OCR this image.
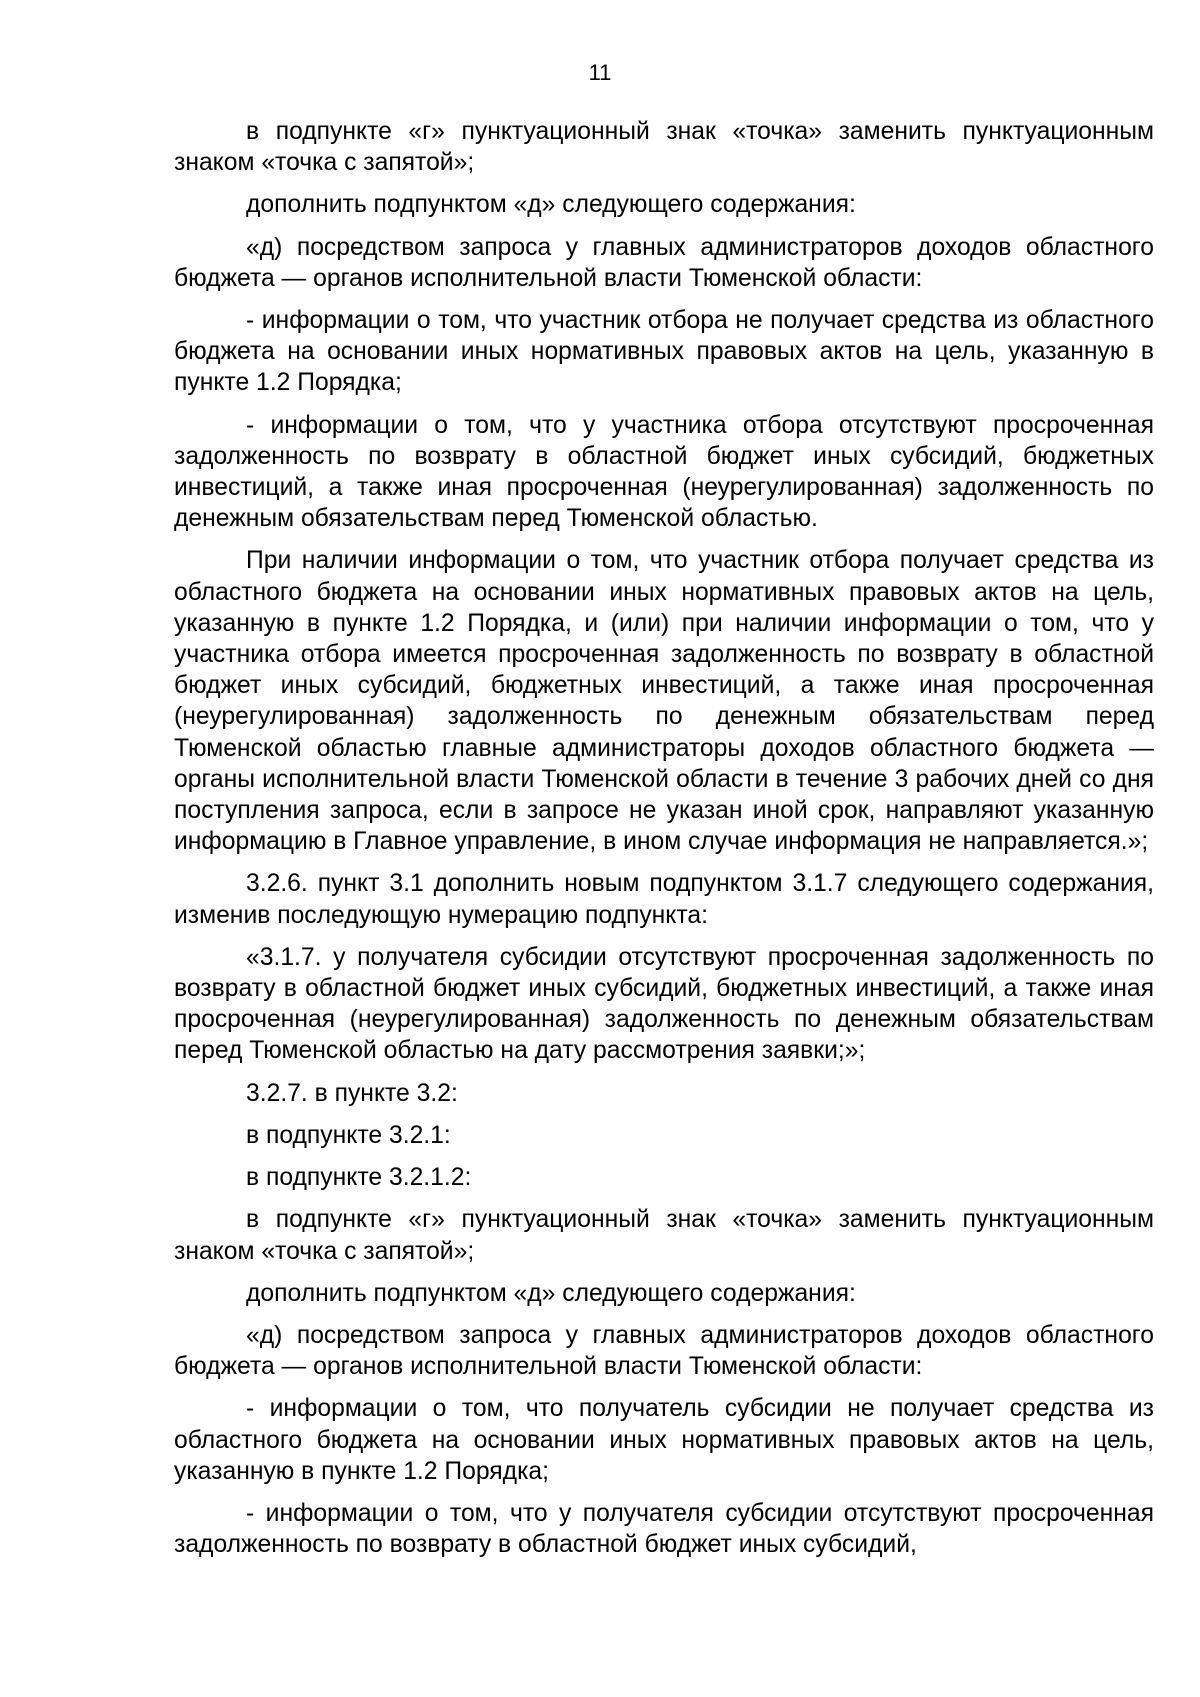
11

в подпункте «г» пунктуационный знак «точка» заменить пунктуационным знаком «точка с запятой»;

дополнить подпунктом «д» следующего содержания:

«д) посредством запроса у главных администраторов доходов областного бюджета — органов исполнительной власти Тюменской области:

- информации о том, что участник отбора не получает средства из областного бюджета на основании иных нормативных правовых актов на цель, указанную в пункте 1.2 Порядка;

- информации о том, что у участника отбора отсутствуют просроченная задолженность по возврату в областной бюджет иных субсидий, бюджетных инвестиций, а также иная просроченная (неурегулированная) задолженность по денежным обязательствам перед Тюменской областью.

При наличии информации о том, что участник отбора получает средства из областного бюджета на основании иных нормативных правовых актов на цель, указанную в пункте 1.2 Порядка, и (или) при наличии информации о том, что у участника отбора имеется просроченная задолженность по возврату в областной бюджет иных субсидий, бюджетных инвестиций, а также иная просроченная (неурегулированная) задолженность по денежным обязательствам перед Тюменской областью главные администраторы доходов областного бюджета — органы исполнительной власти Тюменской области в течение 3 рабочих дней со дня поступления запроса, если в запросе не указан иной срок, направляют указанную информацию в Главное управление, в ином случае информация не направляется.»;

3.2.6. пункт 3.1 дополнить новым подпунктом 3.1.7 следующего содержания, изменив последующую нумерацию подпункта:

«3.1.7. у получателя субсидии отсутствуют просроченная задолженность по возврату в областной бюджет иных субсидий, бюджетных инвестиций, а также иная просроченная (неурегулированная) задолженность по денежным обязательствам перед Тюменской областью на дату рассмотрения заявки;»;

3.2.7. в пункте 3.2:

в подпункте 3.2.1:

в подпункте 3.2.1.2:

в подпункте «г» пунктуационный знак «точка» заменить пунктуационным знаком «точка с запятой»;

дополнить подпунктом «д» следующего содержания:

«д) посредством запроса у главных администраторов доходов областного бюджета — органов исполнительной власти Тюменской области:

- информации о том, что получатель субсидии не получает средства из областного бюджета на основании иных нормативных правовых актов на цель, указанную в пункте 1.2 Порядка;

- информации о том, что у получателя субсидии отсутствуют просроченная задолженность по возврату в областной бюджет иных субсидий,
